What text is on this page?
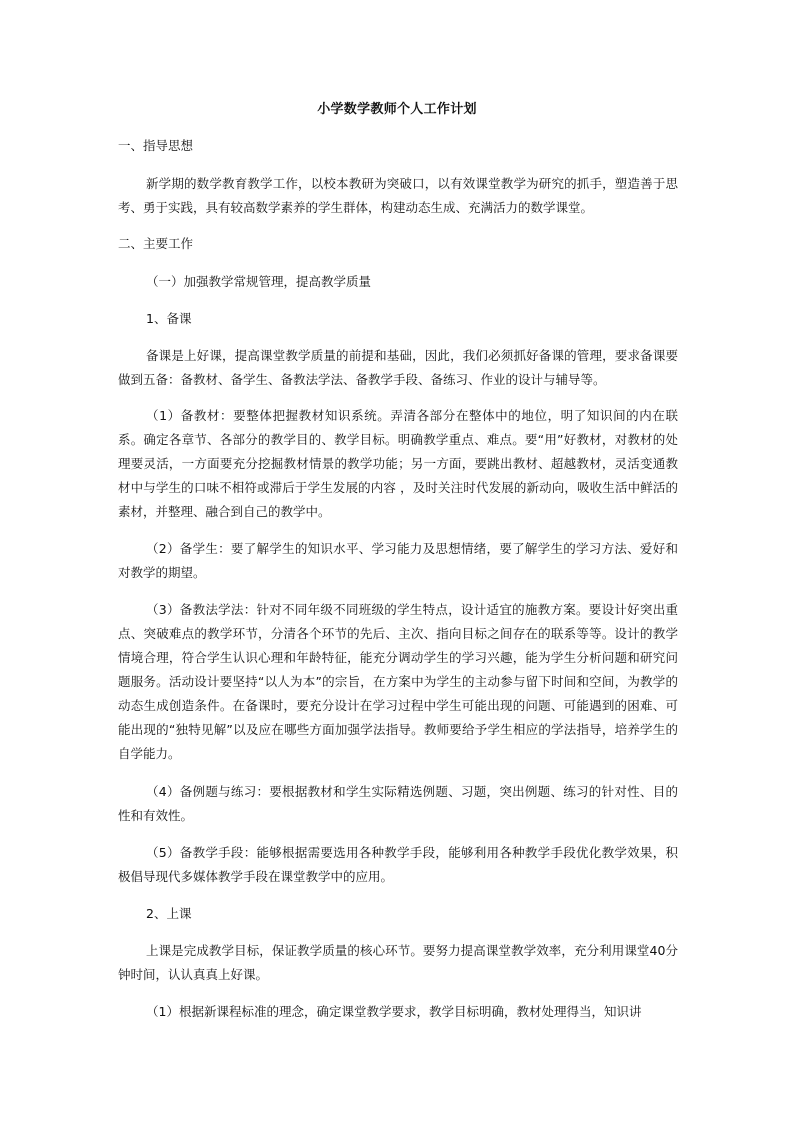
小学数学教师个人工作计划

一、指导思想

新学期的数学教育教学工作，以校本教研为突破口，以有效课堂教学为研究的抓手，塑造善于思考、勇于实践，具有较高数学素养的学生群体，构建动态生成、充满活力的数学课堂。

二、主要工作

（一）加强教学常规管理，提高教学质量

1、备课

备课是上好课，提高课堂教学质量的前提和基础，因此，我们必须抓好备课的管理，要求备课要做到五备：备教材、备学生、备教法学法、备教学手段、备练习、作业的设计与辅导等。

（1）备教材：要整体把握教材知识系统。弄清各部分在整体中的地位，明了知识间的内在联系。确定各章节、各部分的教学目的、教学目标。明确教学重点、难点。要“用”好教材，对教材的处理要灵活，一方面要充分挖掘教材情景的教学功能；另一方面，要跳出教材、超越教材，灵活变通教材中与学生的口味不相符或滞后于学生发展的内容 ，及时关注时代发展的新动向，吸收生活中鲜活的素材，并整理、融合到自己的教学中。

（2）备学生：要了解学生的知识水平、学习能力及思想情绪，要了解学生的学习方法、爱好和对教学的期望。

（3）备教法学法：针对不同年级不同班级的学生特点，设计适宜的施教方案。要设计好突出重点、突破难点的教学环节，分清各个环节的先后、主次、指向目标之间存在的联系等等。设计的教学情境合理，符合学生认识心理和年龄特征，能充分调动学生的学习兴趣，能为学生分析问题和研究问题服务。活动设计要坚持“以人为本”的宗旨，在方案中为学生的主动参与留下时间和空间，为教学的动态生成创造条件。在备课时，要充分设计在学习过程中学生可能出现的问题、可能遇到的困难、可能出现的“独特见解”以及应在哪些方面加强学法指导。教师要给予学生相应的学法指导，培养学生的自学能力。

（4）备例题与练习：要根据教材和学生实际精选例题、习题，突出例题、练习的针对性、目的性和有效性。

（5）备教学手段：能够根据需要选用各种教学手段，能够利用各种教学手段优化教学效果，积极倡导现代多媒体教学手段在课堂教学中的应用。

2、上课

上课是完成教学目标，保证教学质量的核心环节。要努力提高课堂教学效率，充分利用课堂40分钟时间，认认真真上好课。

（1）根据新课程标准的理念，确定课堂教学要求，教学目标明确，教材处理得当，知识讲
